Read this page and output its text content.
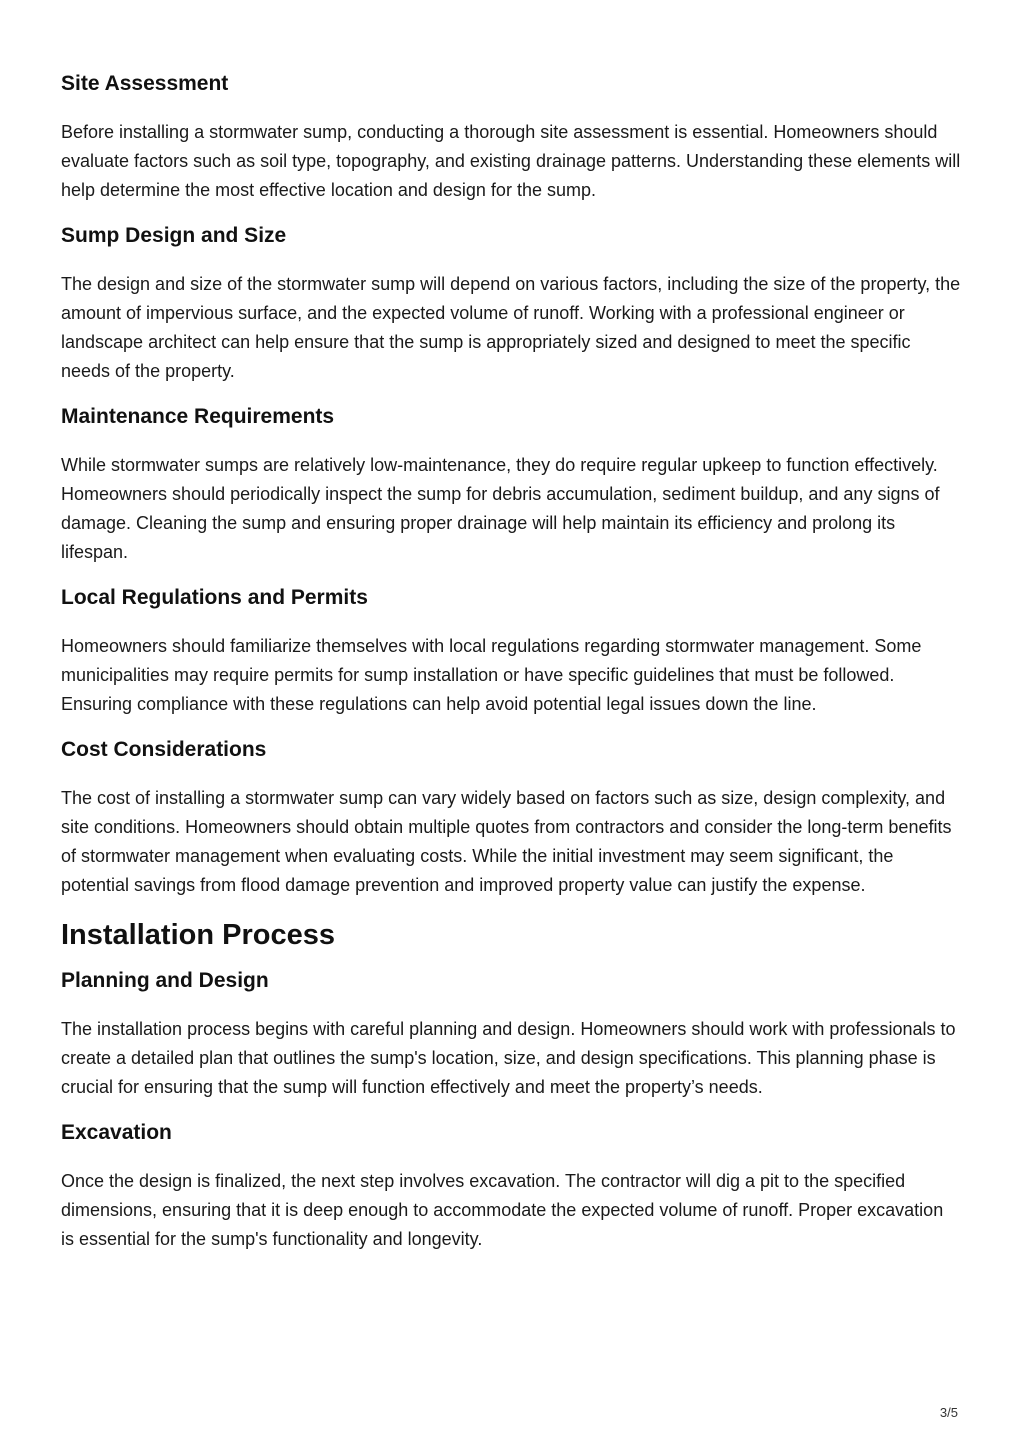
Site Assessment

Before installing a stormwater sump, conducting a thorough site assessment is essential. Homeowners should evaluate factors such as soil type, topography, and existing drainage patterns. Understanding these elements will help determine the most effective location and design for the sump.

Sump Design and Size

The design and size of the stormwater sump will depend on various factors, including the size of the property, the amount of impervious surface, and the expected volume of runoff. Working with a professional engineer or landscape architect can help ensure that the sump is appropriately sized and designed to meet the specific needs of the property.

Maintenance Requirements

While stormwater sumps are relatively low-maintenance, they do require regular upkeep to function effectively. Homeowners should periodically inspect the sump for debris accumulation, sediment buildup, and any signs of damage. Cleaning the sump and ensuring proper drainage will help maintain its efficiency and prolong its lifespan.

Local Regulations and Permits

Homeowners should familiarize themselves with local regulations regarding stormwater management. Some municipalities may require permits for sump installation or have specific guidelines that must be followed. Ensuring compliance with these regulations can help avoid potential legal issues down the line.

Cost Considerations

The cost of installing a stormwater sump can vary widely based on factors such as size, design complexity, and site conditions. Homeowners should obtain multiple quotes from contractors and consider the long-term benefits of stormwater management when evaluating costs. While the initial investment may seem significant, the potential savings from flood damage prevention and improved property value can justify the expense.

Installation Process
Planning and Design

The installation process begins with careful planning and design. Homeowners should work with professionals to create a detailed plan that outlines the sump's location, size, and design specifications. This planning phase is crucial for ensuring that the sump will function effectively and meet the property’s needs.

Excavation

Once the design is finalized, the next step involves excavation. The contractor will dig a pit to the specified dimensions, ensuring that it is deep enough to accommodate the expected volume of runoff. Proper excavation is essential for the sump's functionality and longevity.

3/5
